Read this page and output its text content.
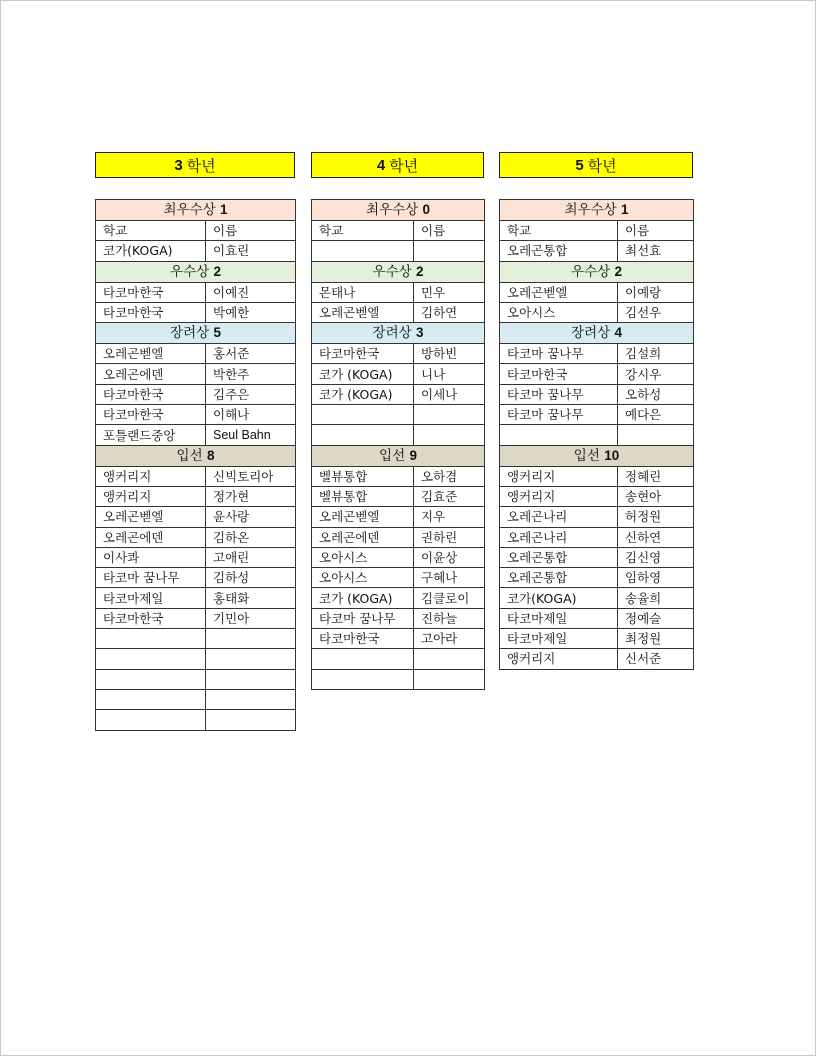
3 학년
최우수상 1	
학교	이름
코가(KOGA)	이효린
우수상 2	
타코마한국	이예진
타코마한국	박예한
장려상 5	
오레곤벧엘	홍서준
오레곤에덴	박한주
타코마한국	김주은
타코마한국	이해나
포틀랜드중앙	Seul Bahn
입선 8	
앵커리지	신빅토리아
앵커리지	정가현
오레곤벧엘	윤사랑
오레곤에덴	김하온
이사콰	고애린
타코마 꿈나무	김하성
타코마제일	홍태화
타코마한국	기민아

4 학년
최우수상 0	
학교	이름

우수상 2	
몬태나	민우
오레곤벧엘	김하연
장려상 3	
타코마한국	방하빈
코가 (KOGA)	니나
코가 (KOGA)	이세나

입선 9	
벨뷰통합	오하겸
벨뷰통합	김효준
오레곤벧엘	지우
오레곤에덴	권하린
오아시스	이윤상
오아시스	구혜나
코가 (KOGA)	김클로이
타코마 꿈나무	진하늘
타코마한국	고아라

5 학년
최우수상 1	
학교	이름
오레곤통합	최선효
우수상 2	
오레곤벧엘	이예랑
오아시스	김선우
장려상 4	
타코마 꿈나무	김설희
타코마한국	강시우
타코마 꿈나무	오하성
타코마 꿈나무	예다은

입선 10	
앵커리지	정혜린
앵커리지	송현아
오레곤나리	허정원
오레곤나리	신하연
오레곤통합	김신영
오레곤통합	임하영
코가(KOGA)	송율희
타코마제일	정예슬
타코마제일	최정원
앵커리지	신서준
